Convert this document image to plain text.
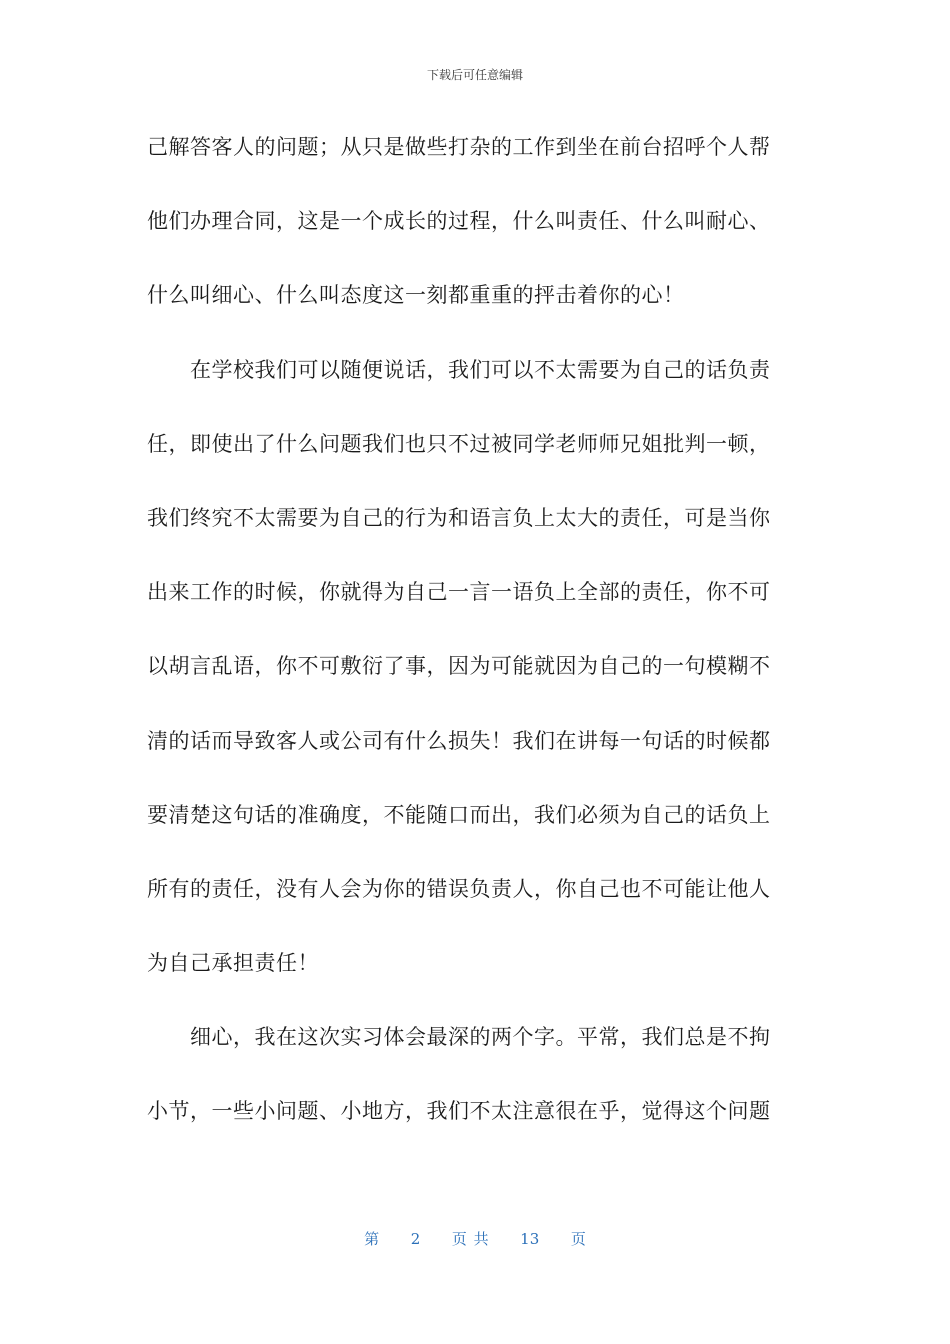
下载后可任意编辑
己解答客人的问题；从只是做些打杂的工作到坐在前台招呼个人帮
他们办理合同，这是一个成长的过程，什么叫责任、什么叫耐心、
什么叫细心、什么叫态度这一刻都重重的抨击着你的心！
　　在学校我们可以随便说话，我们可以不太需要为自己的话负责
任，即使出了什么问题我们也只不过被同学老师师兄姐批判一顿，
我们终究不太需要为自己的行为和语言负上太大的责任，可是当你
出来工作的时候，你就得为自己一言一语负上全部的责任，你不可
以胡言乱语，你不可敷衍了事，因为可能就因为自己的一句模糊不
清的话而导致客人或公司有什么损失！我们在讲每一句话的时候都
要清楚这句话的准确度，不能随口而出，我们必须为自己的话负上
所有的责任，没有人会为你的错误负责人，你自己也不可能让他人
为自己承担责任！
　　细心，我在这次实习体会最深的两个字。平常，我们总是不拘
小节，一些小问题、小地方，我们不太注意很在乎，觉得这个问题
第 2 页 共 13 页
